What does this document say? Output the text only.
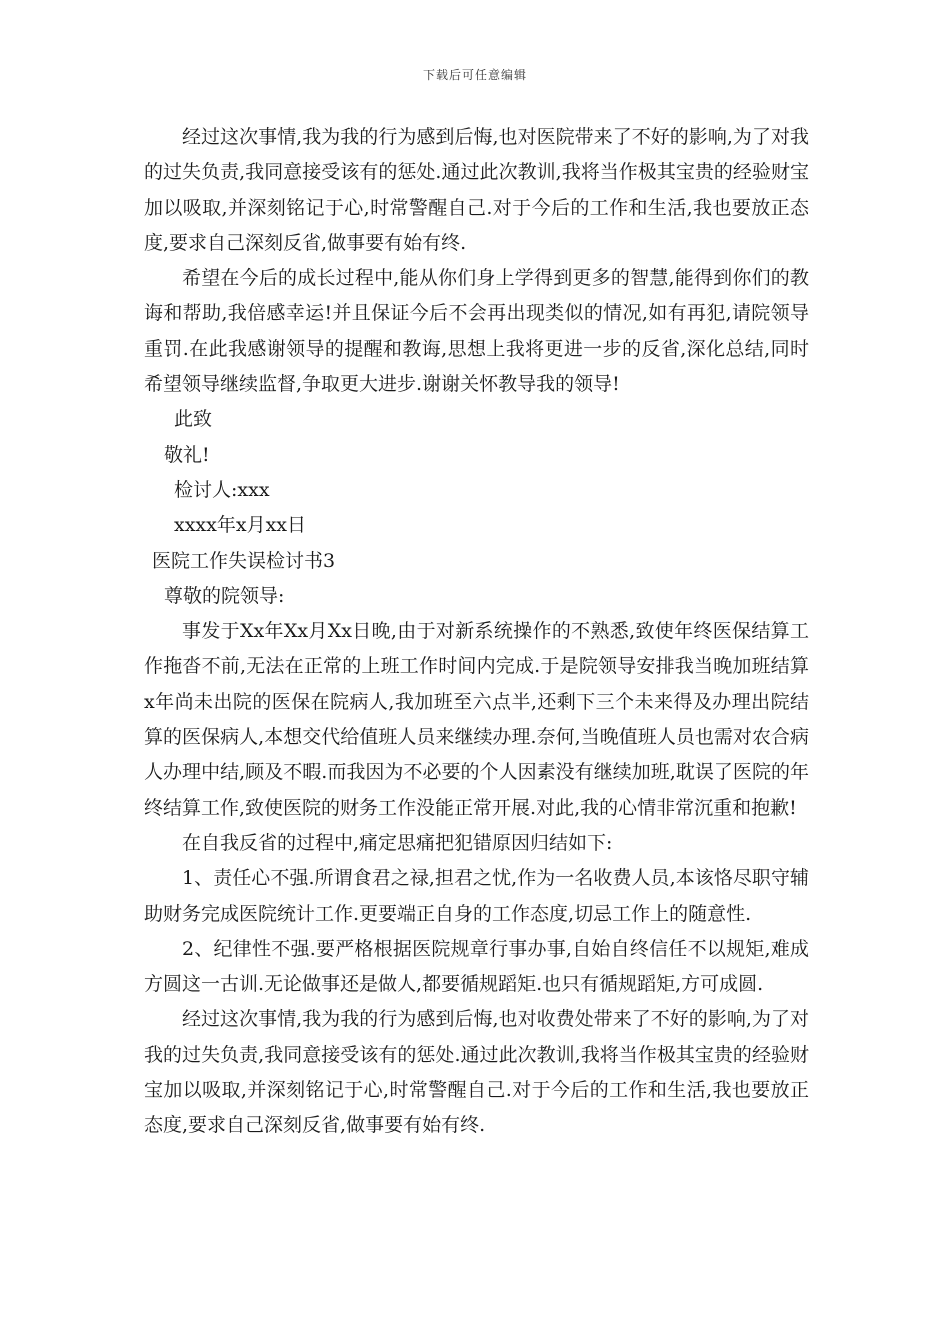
下载后可任意编辑

经过这次事情,我为我的行为感到后悔,也对医院带来了不好的影响,为了对我的过失负责,我同意接受该有的惩处.通过此次教训,我将当作极其宝贵的经验财宝加以吸取,并深刻铭记于心,时常警醒自己.对于今后的工作和生活,我也要放正态度,要求自己深刻反省,做事要有始有终.

希望在今后的成长过程中,能从你们身上学得到更多的智慧,能得到你们的教诲和帮助,我倍感幸运!并且保证今后不会再出现类似的情况,如有再犯,请院领导重罚.在此我感谢领导的提醒和教诲,思想上我将更进一步的反省,深化总结,同时希望领导继续监督,争取更大进步.谢谢关怀教导我的领导!

此致

敬礼!

检讨人:xxx

xxxx年x月xx日

医院工作失误检讨书3

尊敬的院领导:

事发于Xx年Xx月Xx日晚,由于对新系统操作的不熟悉,致使年终医保结算工作拖沓不前,无法在正常的上班工作时间内完成.于是院领导安排我当晚加班结算x年尚未出院的医保在院病人,我加班至六点半,还剩下三个未来得及办理出院结算的医保病人,本想交代给值班人员来继续办理.奈何,当晚值班人员也需对农合病人办理中结,顾及不暇.而我因为不必要的个人因素没有继续加班,耽误了医院的年终结算工作,致使医院的财务工作没能正常开展.对此,我的心情非常沉重和抱歉!

在自我反省的过程中,痛定思痛把犯错原因归结如下:

1、责任心不强.所谓食君之禄,担君之忧,作为一名收费人员,本该恪尽职守辅助财务完成医院统计工作.更要端正自身的工作态度,切忌工作上的随意性.

2、纪律性不强.要严格根据医院规章行事办事,自始自终信任不以规矩,难成方圆这一古训.无论做事还是做人,都要循规蹈矩.也只有循规蹈矩,方可成圆.

经过这次事情,我为我的行为感到后悔,也对收费处带来了不好的影响,为了对我的过失负责,我同意接受该有的惩处.通过此次教训,我将当作极其宝贵的经验财宝加以吸取,并深刻铭记于心,时常警醒自己.对于今后的工作和生活,我也要放正态度,要求自己深刻反省,做事要有始有终.
